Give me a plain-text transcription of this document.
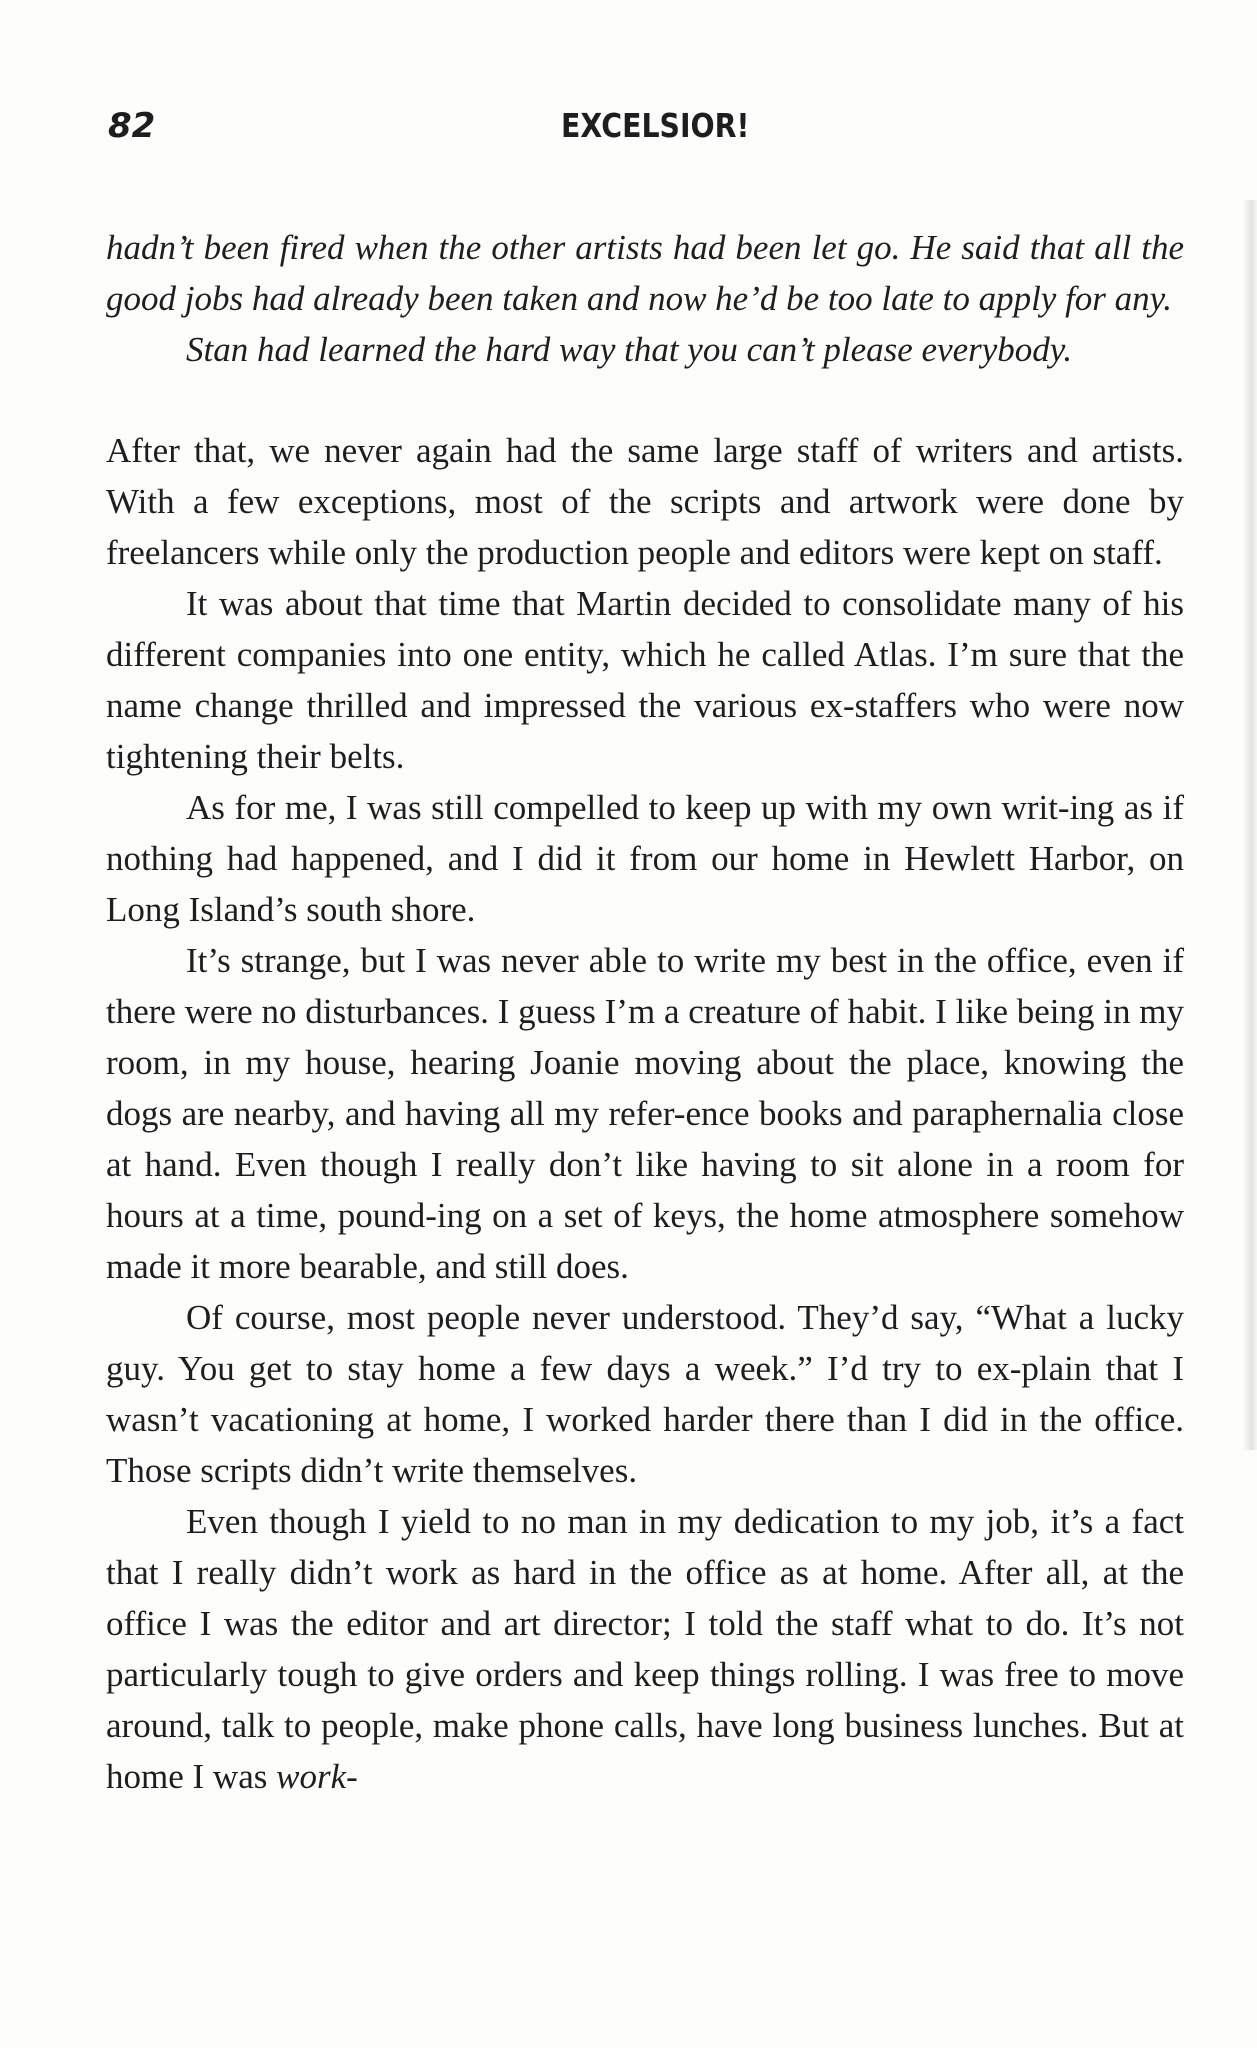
82	EXCELSIOR!

hadn’t been fired when the other artists had been let go. He said that all the good jobs had already been taken and now he’d be too late to apply for any.

Stan had learned the hard way that you can’t please everybody.

After that, we never again had the same large staff of writers and artists. With a few exceptions, most of the scripts and artwork were done by freelancers while only the production people and editors were kept on staff.

It was about that time that Martin decided to consolidate many of his different companies into one entity, which he called Atlas. I’m sure that the name change thrilled and impressed the various ex-staffers who were now tightening their belts.

As for me, I was still compelled to keep up with my own writ-ing as if nothing had happened, and I did it from our home in Hewlett Harbor, on Long Island’s south shore.

It’s strange, but I was never able to write my best in the office, even if there were no disturbances. I guess I’m a creature of habit. I like being in my room, in my house, hearing Joanie moving about the place, knowing the dogs are nearby, and having all my refer-ence books and paraphernalia close at hand. Even though I really don’t like having to sit alone in a room for hours at a time, pound-ing on a set of keys, the home atmosphere somehow made it more bearable, and still does.

Of course, most people never understood. They’d say, “What a lucky guy. You get to stay home a few days a week.” I’d try to ex-plain that I wasn’t vacationing at home, I worked harder there than I did in the office. Those scripts didn’t write themselves.

Even though I yield to no man in my dedication to my job, it’s a fact that I really didn’t work as hard in the office as at home. After all, at the office I was the editor and art director; I told the staff what to do. It’s not particularly tough to give orders and keep things rolling. I was free to move around, talk to people, make phone calls, have long business lunches. But at home I was work-
